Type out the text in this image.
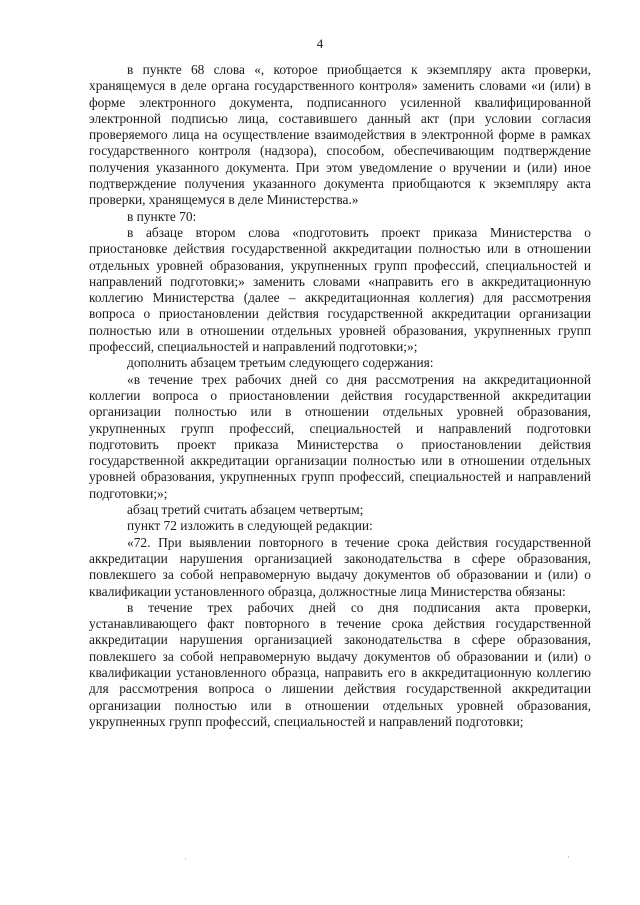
4

в пункте 68 слова «, которое приобщается к экземпляру акта проверки, хранящемуся в деле органа государственного контроля» заменить словами «и (или) в форме электронного документа, подписанного усиленной квалифицированной электронной подписью лица, составившего данный акт (при условии согласия проверяемого лица на осуществление взаимодействия в электронной форме в рамках государственного контроля (надзора), способом, обеспечивающим подтверждение получения указанного документа. При этом уведомление о вручении и (или) иное подтверждение получения указанного документа приобщаются к экземпляру акта проверки, хранящемуся в деле Министерства.»

в пункте 70:

в абзаце втором слова «подготовить проект приказа Министерства о приостановке действия государственной аккредитации полностью или в отношении отдельных уровней образования, укрупненных групп профессий, специальностей и направлений подготовки;» заменить словами «направить его в аккредитационную коллегию Министерства (далее – аккредитационная коллегия) для рассмотрения вопроса о приостановлении действия государственной аккредитации организации полностью или в отношении отдельных уровней образования, укрупненных групп профессий, специальностей и направлений подготовки;»;

дополнить абзацем третьим следующего содержания:

«в течение трех рабочих дней со дня рассмотрения на аккредитационной коллегии вопроса о приостановлении действия государственной аккредитации организации полностью или в отношении отдельных уровней образования, укрупненных групп профессий, специальностей и направлений подготовки подготовить проект приказа Министерства о приостановлении действия государственной аккредитации организации полностью или в отношении отдельных уровней образования, укрупненных групп профессий, специальностей и направлений подготовки;»;

абзац третий считать абзацем четвертым;

пункт 72 изложить в следующей редакции:

«72. При выявлении повторного в течение срока действия государственной аккредитации нарушения организацией законодательства в сфере образования, повлекшего за собой неправомерную выдачу документов об образовании и (или) о квалификации установленного образца, должностные лица Министерства обязаны:

в течение трех рабочих дней со дня подписания акта проверки, устанавливающего факт повторного в течение срока действия государственной аккредитации нарушения организацией законодательства в сфере образования, повлекшего за собой неправомерную выдачу документов об образовании и (или) о квалификации установленного образца, направить его в аккредитационную коллегию для рассмотрения вопроса о лишении действия государственной аккредитации организации полностью или в отношении отдельных уровней образования, укрупненных групп профессий, специальностей и направлений подготовки;

·	·
